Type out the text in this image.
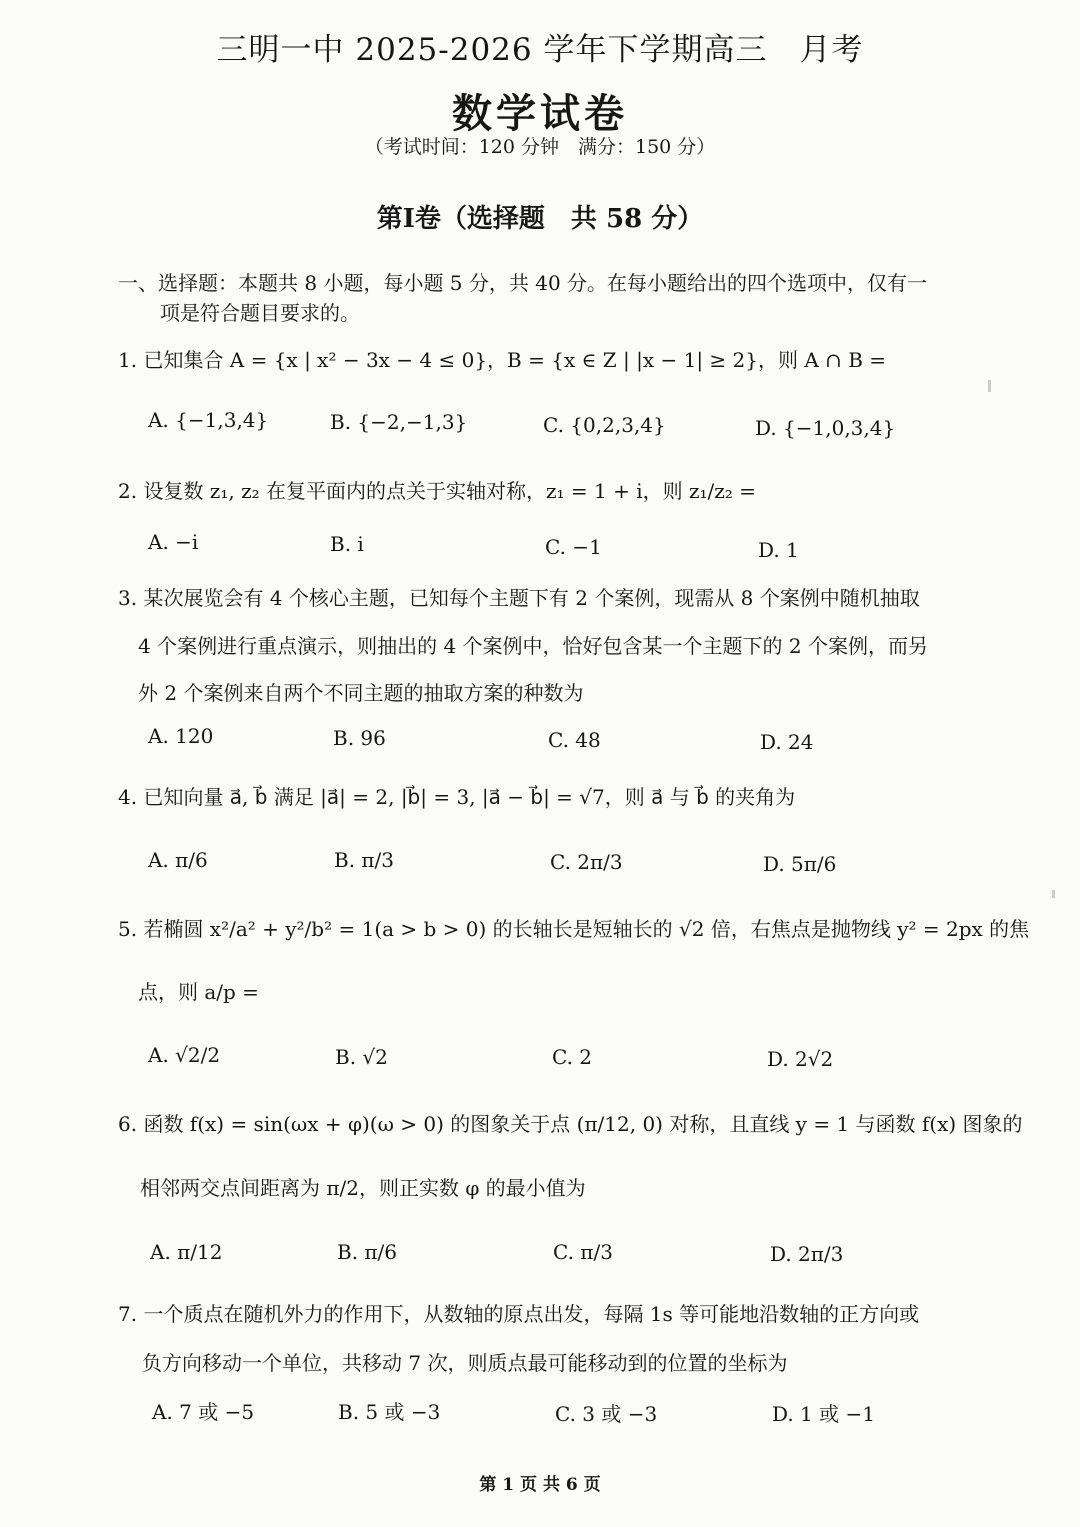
三明一中 2025-2026 学年下学期高三　月考
数学试卷
（考试时间：120 分钟　满分：150 分）
第Ⅰ卷（选择题　共 58 分）
一、选择题：本题共 8 小题，每小题 5 分，共 40 分。在每小题给出的四个选项中，仅有一
项是符合题目要求的。
1. 已知集合 A = {x | x² − 3x − 4 ≤ 0}，B = {x ∈ Z | |x − 1| ≥ 2}，则 A ∩ B =
A. {−1,3,4}	B. {−2,−1,3}	C. {0,2,3,4}	D. {−1,0,3,4}
2. 设复数 z₁, z₂ 在复平面内的点关于实轴对称，z₁ = 1 + i，则 z₁/z₂ =
A. −i	B. i	C. −1	D. 1
3. 某次展览会有 4 个核心主题，已知每个主题下有 2 个案例，现需从 8 个案例中随机抽取
4 个案例进行重点演示，则抽出的 4 个案例中，恰好包含某一个主题下的 2 个案例，而另
外 2 个案例来自两个不同主题的抽取方案的种数为
A. 120	B. 96	C. 48	D. 24
4. 已知向量 a⃗, b⃗ 满足 |a⃗| = 2, |b⃗| = 3, |a⃗ − b⃗| = √7，则 a⃗ 与 b⃗ 的夹角为
A. π/6	B. π/3	C. 2π/3	D. 5π/6
5. 若椭圆 x²/a² + y²/b² = 1(a > b > 0) 的长轴长是短轴长的 √2 倍，右焦点是抛物线 y² = 2px 的焦
点，则 a/p =
A. √2/2	B. √2	C. 2	D. 2√2
6. 函数 f(x) = sin(ωx + φ)(ω > 0) 的图象关于点 (π/12, 0) 对称，且直线 y = 1 与函数 f(x) 图象的
相邻两交点间距离为 π/2，则正实数 φ 的最小值为
A. π/12	B. π/6	C. π/3	D. 2π/3
7. 一个质点在随机外力的作用下，从数轴的原点出发，每隔 1s 等可能地沿数轴的正方向或
负方向移动一个单位，共移动 7 次，则质点最可能移动到的位置的坐标为
A. 7 或 −5	B. 5 或 −3	C. 3 或 −3	D. 1 或 −1
第 1 页 共 6 页
